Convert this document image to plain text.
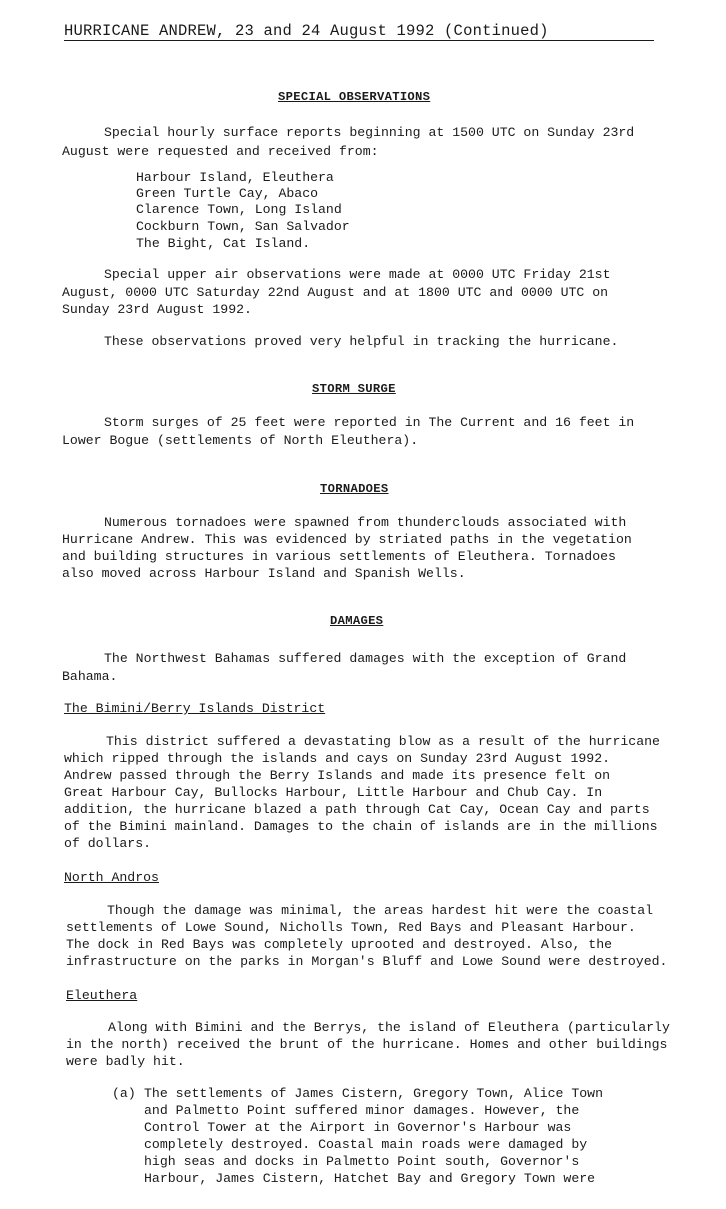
HURRICANE ANDREW, 23 and 24 August 1992 (Continued)
SPECIAL OBSERVATIONS
Special hourly surface reports beginning at 1500 UTC on Sunday 23rd
August were requested and received from:
Harbour Island, Eleuthera
Green Turtle Cay, Abaco
Clarence Town, Long Island
Cockburn Town, San Salvador
The Bight, Cat Island.
Special upper air observations were made at 0000 UTC Friday 21st
August, 0000 UTC Saturday 22nd August and at 1800 UTC and 0000 UTC on
Sunday 23rd August 1992.
These observations proved very helpful in tracking the hurricane.
STORM SURGE
Storm surges of 25 feet were reported in The Current and 16 feet in
Lower Bogue (settlements of North Eleuthera).
TORNADOES
Numerous tornadoes were spawned from thunderclouds associated with
Hurricane Andrew. This was evidenced by striated paths in the vegetation
and building structures in various settlements of Eleuthera. Tornadoes
also moved across Harbour Island and Spanish Wells.
DAMAGES
The Northwest Bahamas suffered damages with the exception of Grand
Bahama.
The Bimini/Berry Islands District
This district suffered a devastating blow as a result of the hurricane
which ripped through the islands and cays on Sunday 23rd August 1992.
Andrew passed through the Berry Islands and made its presence felt on
Great Harbour Cay, Bullocks Harbour, Little Harbour and Chub Cay. In
addition, the hurricane blazed a path through Cat Cay, Ocean Cay and parts
of the Bimini mainland. Damages to the chain of islands are in the millions
of dollars.
North Andros
Though the damage was minimal, the areas hardest hit were the coastal
settlements of Lowe Sound, Nicholls Town, Red Bays and Pleasant Harbour.
The dock in Red Bays was completely uprooted and destroyed. Also, the
infrastructure on the parks in Morgan's Bluff and Lowe Sound were destroyed.
Eleuthera
Along with Bimini and the Berrys, the island of Eleuthera (particularly
in the north) received the brunt of the hurricane. Homes and other buildings
were badly hit.
(a) The settlements of James Cistern, Gregory Town, Alice Town
and Palmetto Point suffered minor damages. However, the
Control Tower at the Airport in Governor's Harbour was
completely destroyed. Coastal main roads were damaged by
high seas and docks in Palmetto Point south, Governor's
Harbour, James Cistern, Hatchet Bay and Gregory Town were
